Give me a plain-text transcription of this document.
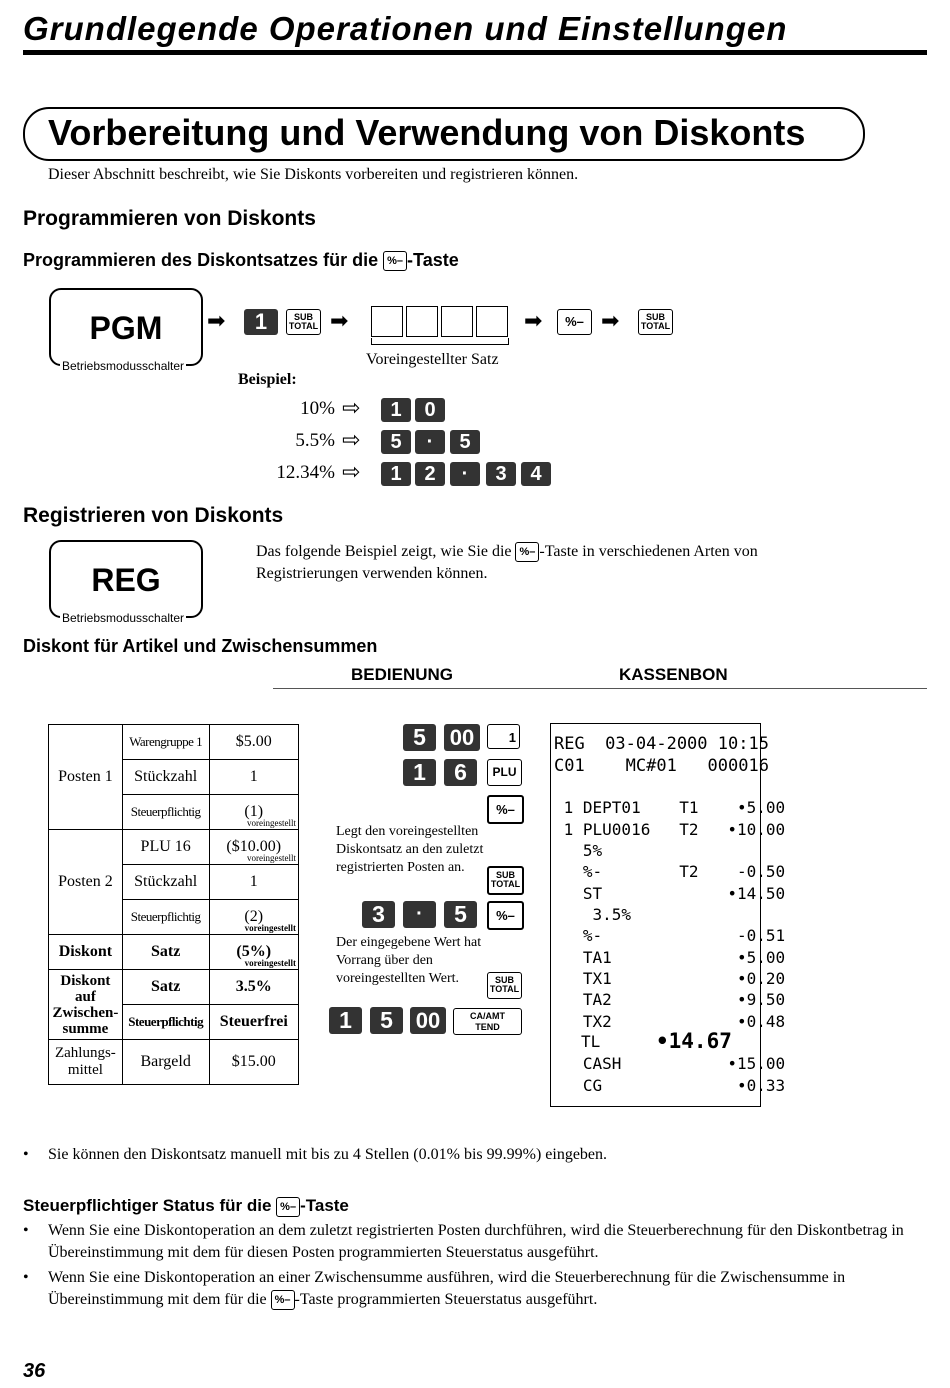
Grundlegende Operationen und Einstellungen
Vorbereitung und Verwendung von Diskonts
Dieser Abschnitt beschreibt, wie Sie Diskonts vorbereiten und registrieren können.
Programmieren von Diskonts
Programmieren des Diskontsatzes für die %– -Taste
PGM
Betriebsmodusschalter
➡	1	SUB
TOTAL ➡
Voreingestellter Satz
➡	%– ➡	SUB
TOTAL
Beispiel:
10% ⇨	1	0
5.5% ⇨	5	·	5
12.34% ⇨	1	2	·	3	4
Registrieren von Diskonts
REG
Betriebsmodusschalter
Das folgende Beispiel zeigt, wie Sie die %– -Taste in verschiedenen Arten von Registrierungen verwenden können.
Diskont für Artikel und Zwischensummen
BEDIENUNG	KASSENBON
Posten 1	Warengruppe 1	$5.00
	Stückzahl	1
	Steuerpflichtig	(1)
voreingestellt

Posten 2	PLU 16	($10.00)
voreingestellt

	Stückzahl	1
	Steuerpflichtig	(2)
voreingestellt

Diskont	Satz	(5%)
voreingestellt

Diskont auf Zwischen- summe	Satz	3.5%
	Steuerpflichtig	Steuerfrei
Zahlungs- mittel	Bargeld	$15.00
5	00	1
1	6	PLU
%–
Legt den voreingestellten Diskontsatz an den zuletzt registrierten Posten an.	SUB
TOTAL
3	·	5	%–
Der eingegebene Wert hat Vorrang über den voreingestellten Wert.	SUB
TOTAL
1	5	00	CA/AMT
TEND
REG  03-04-2000 10:15
C01    MC#01   000016
1 DEPT01    T1    •5.00
1 PLU0016   T2   •10.00
5%
%-        T2    -0.50
ST             •14.50
3.5%
%-              -0.51
TA1             •5.00
TX1             •0.20
TA2             •9.50
TX2             •0.48
TL	•14.67
CASH           •15.00
CG              •0.33
• Sie können den Diskontsatz manuell mit bis zu 4 Stellen (0.01% bis 99.99%) eingeben.
Steuerpflichtiger Status für die %– -Taste
• Wenn Sie eine Diskontoperation an dem zuletzt registrierten Posten durchführen, wird die Steuerberechnung für den Diskontbetrag in Übereinstimmung mit dem für diesen Posten programmierten Steuerstatus ausgeführt.
• Wenn Sie eine Diskontoperation an einer Zwischensumme ausführen, wird die Steuerberechnung für die Zwischensumme in Übereinstimmung mit dem für die %– -Taste programmierten Steuerstatus ausgeführt.
36
